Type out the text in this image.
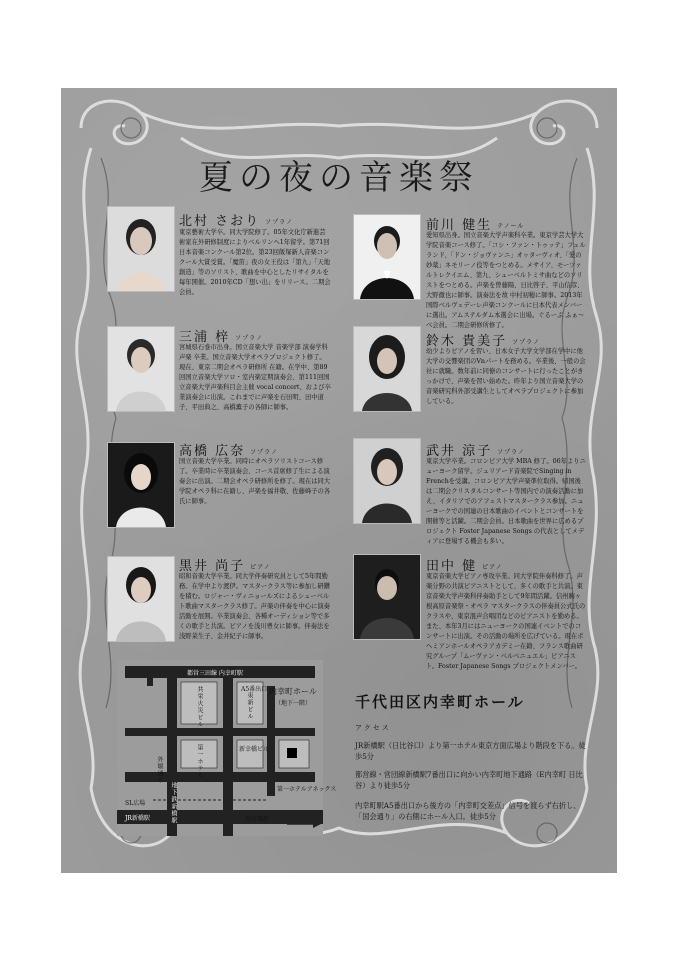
夏の夜の音楽祭
北村 さおり ソプラノ
東京藝術大学卒。同大学院修了。05年文化庁新進芸術家在外研修制度によりベルリンへ1年留学。第71回日本音楽コンクール第2位。第23回飯塚新人音楽コンクール大賞受賞。「魔笛」夜の女王役は「第九」「天地創造」等のソリスト、歌曲を中心としたリサイタルを毎年開催。2010年CD「想い出」をリリース。二期会会員。
前川 健生 テノール
愛知県出身。国立音楽大学声楽科卒業。東京学芸大学大学院音楽コース修了。「コシ・ファン・トゥッテ」フェルランド、「ドン・ジョヴァンニ」オッターヴィオ、「愛の妙薬」ネモリーノ役等をつとめる。メサイア、モーツァルトレクイエム、第九、シューベルトミサ曲などのソリストをつとめる。声楽を曽藤陽、日比啓子、平山信彦、大野徹也に師事。演奏法を故 中村初穂に師事。2013年国際ベルヴェデーレ声楽コンクールに日本代表メンバーに選出。アムステルダム本選会に出場。ぐるーぷ ふぁ～べ会員。二期会研修所修了。
三浦 梓 ソプラノ
宮城県石巻市出身。国立音楽大学 音楽学部 演奏学科 声楽 卒業。国立音楽大学オペラプロジェクト修了。現在、東京二期会オペラ研修所 在籍。在学中、第89回国立音楽大学ソロ・室内楽定期演奏会、第111回国立音楽大学声楽科目会主催 vocal concert、および卒業演奏会に出演。これまでに声楽を石田明、田中道子、平田典之、高橋薫子の各師に師事。
鈴木 貴美子 ソプラノ
幼少よりピアノを習い、日本女子大学文学部在学中に他大学の交響楽団のVnパートを務める。卒業後、一般の会社に就職。数年前に同僚のコンサートに行ったことがきっかけで、声楽を習い始めた。昨年より国立音楽大学の音楽研究科外部受講生としてオペラプロジェクトに参加している。
高橋 広奈 ソプラノ
国立音楽大学卒業。同時にオペラソリストコース修了。卒業時に卒業演奏会、コース首席修了生による演奏会に出演。二期会オペラ研修所を修了。現在は同大学院オペラ科に在籍し、声楽を福井敬、佐藤峰子の各氏に師事。
武井 涼子 ソプラノ
東京大学卒業。コロンビア大学 MBA 修了。06年よりニューヨーク留学。ジュリアード音楽院でSinging in Frenchを受講。コロンビア大学声楽準位取得。帰国後は二期会クリスタルコンサート等国内での演奏活動に加え、イタリアでのアフェストマスタークラス参加。ニューヨークでの国連の日本歌曲のイベントとコンサートを開催等と活躍。二期会会員。日本歌曲を世界に広めるプロジェクト Foster Japanese Songs の代表としてメディアに登場する機会も多い。
黒井 尚子 ピアノ
昭和音楽大学卒業。同大学伴奏研究員として5年間勤務。在学中より渡伊。マスタークラス等に参加し研鑽を積む。ロジャー・ヴィニョールズによるシューベルト歌曲マスタークラス修了。声楽の伴奏を中心に演奏活動を展開。卒業演奏会、各種オーディション等で多くの歌手と共演。ピアノを浅川豊女に師事。伴奏法を浅野菜生子、金井紀子に師事。
田中 健 ピアノ
東京音楽大学ピアノ専攻卒業。同大学院伴奏科修了。声楽分野の共演ピアニストとして、多くの歌手と共演。東京音楽大学声楽科伴奏助手として9年間活躍。信州駒ヶ根高原音楽祭・オペラ マスタークラスの伴奏員公式氏のクラスや、東京混声合唱団などのピアニストを勤める。また、本年3月にはニューヨークの国連イベントでのコンサートに出演。その活動の場所を広げている。現在ボヘミアンホールオペラアカデミー在籍、フランス歌曲研究グループ「ムーヴァン・ベルベニュエル」ピアニスト。Foster Japanese Songs プロジェクトメンバー。
都営三田線 内幸町駅
A5番出口
共栄火災ビル	東新ビル
第一ホテル	新幸橋ビル
第一ホテルアネックス
内幸町ホール
（地下一階）
外堀通り
地下鉄新橋駅
SL広場
JR新橋駅	至有楽町
千代田区内幸町ホール
アクセス
JR新橋駅（日比谷口）より第一ホテル東京方面広場より階段を下る。徒歩5分
都営線・営団線新橋駅7番出口に向かい内幸町地下通路（E内幸町 日比谷）より徒歩5分
内幸町駅A5番出口から後方の「内幸町交差点」信号を渡らず右折し、「国会通り」の右側にホール入口。徒歩5分
